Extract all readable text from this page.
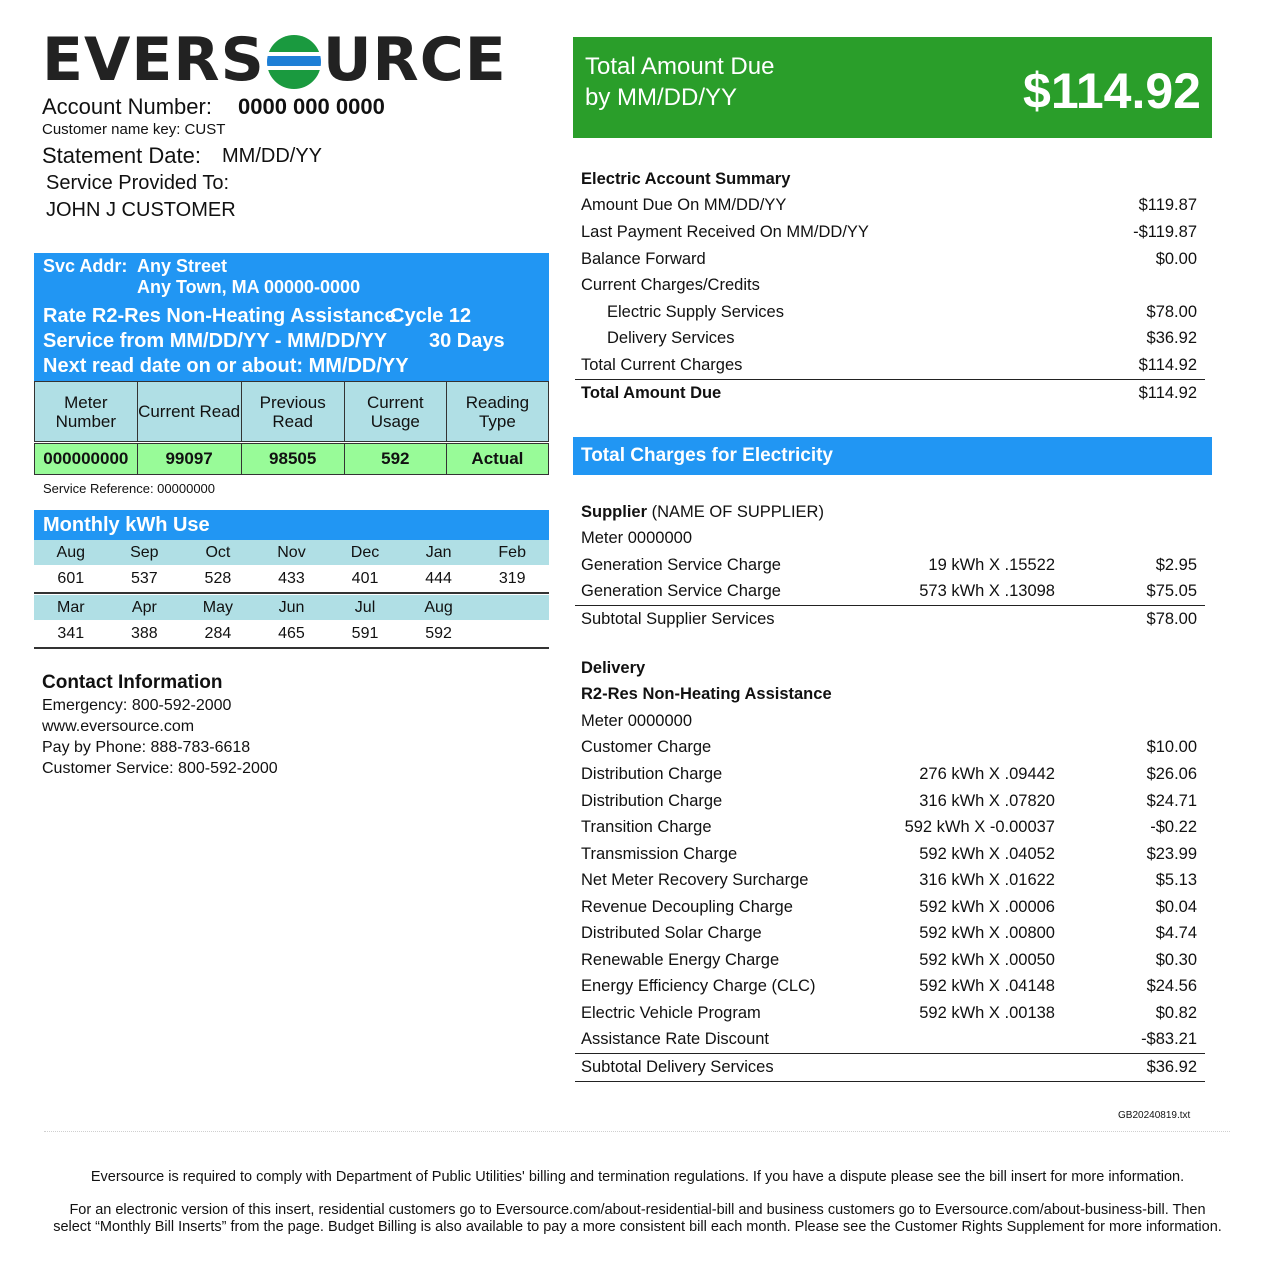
EVERS URCE
Account Number: 0000 000 0000
Customer name key: CUST
Statement Date: MM/DD/YY
Service Provided To:
JOHN J CUSTOMER
Svc Addr: Any Street
Any Town, MA 00000-0000
Rate R2-Res Non-Heating Assistance
Cycle 12
Service from MM/DD/YY - MM/DD/YY 30 Days
Next read date on or about: MM/DD/YY
Meter Number	Current Read	Previous Read	Current Usage	Reading Type

000000000	99097	98505	592	Actual
Service Reference: 00000000
Monthly kWh Use
Aug	Sep	Oct	Nov	Dec	Jan	Feb
601	537	528	433	401	444	319
Mar	Apr	May	Jun	Jul	Aug	
341	388	284	465	591	592	
Contact Information
Emergency: 800-592-2000
www.eversource.com
Pay by Phone: 888-783-6618
Customer Service: 800-592-2000
Total Amount Due
by MM/DD/YY	$114.92
Electric Account Summary	
Amount Due On MM/DD/YY	$119.87
Last Payment Received On MM/DD/YY	-$119.87
Balance Forward	$0.00
Current Charges/Credits	
Electric Supply Services	$78.00
Delivery Services	$36.92
Total Current Charges	$114.92
Total Amount Due	$114.92
Total Charges for Electricity
Supplier (NAME OF SUPPLIER)		
Meter 0000000		
Generation Service Charge	19 kWh X .15522	$2.95
Generation Service Charge	573 kWh X .13098	$75.05
Subtotal Supplier Services		$78.00
Delivery		
R2-Res Non-Heating Assistance		
Meter 0000000		
Customer Charge		$10.00
Distribution Charge	276 kWh X .09442	$26.06
Distribution Charge	316 kWh X .07820	$24.71
Transition Charge	592 kWh X -0.00037	-$0.22
Transmission Charge	592 kWh X .04052	$23.99
Net Meter Recovery Surcharge	316 kWh X .01622	$5.13
Revenue Decoupling Charge	592 kWh X .00006	$0.04
Distributed Solar Charge	592 kWh X .00800	$4.74
Renewable Energy Charge	592 kWh X .00050	$0.30
Energy Efficiency Charge (CLC)	592 kWh X .04148	$24.56
Electric Vehicle Program	592 kWh X .00138	$0.82
Assistance Rate Discount		-$83.21
Subtotal Delivery Services		$36.92
GB20240819.txt
Eversource is required to comply with Department of Public Utilities' billing and termination regulations. If you have a dispute please see the bill insert for more information.
For an electronic version of this insert, residential customers go to Eversource.com/about-residential-bill and business customers go to Eversource.com/about-business-bill. Then
select “Monthly Bill Inserts” from the page. Budget Billing is also available to pay a more consistent bill each month. Please see the Customer Rights Supplement for more information.
